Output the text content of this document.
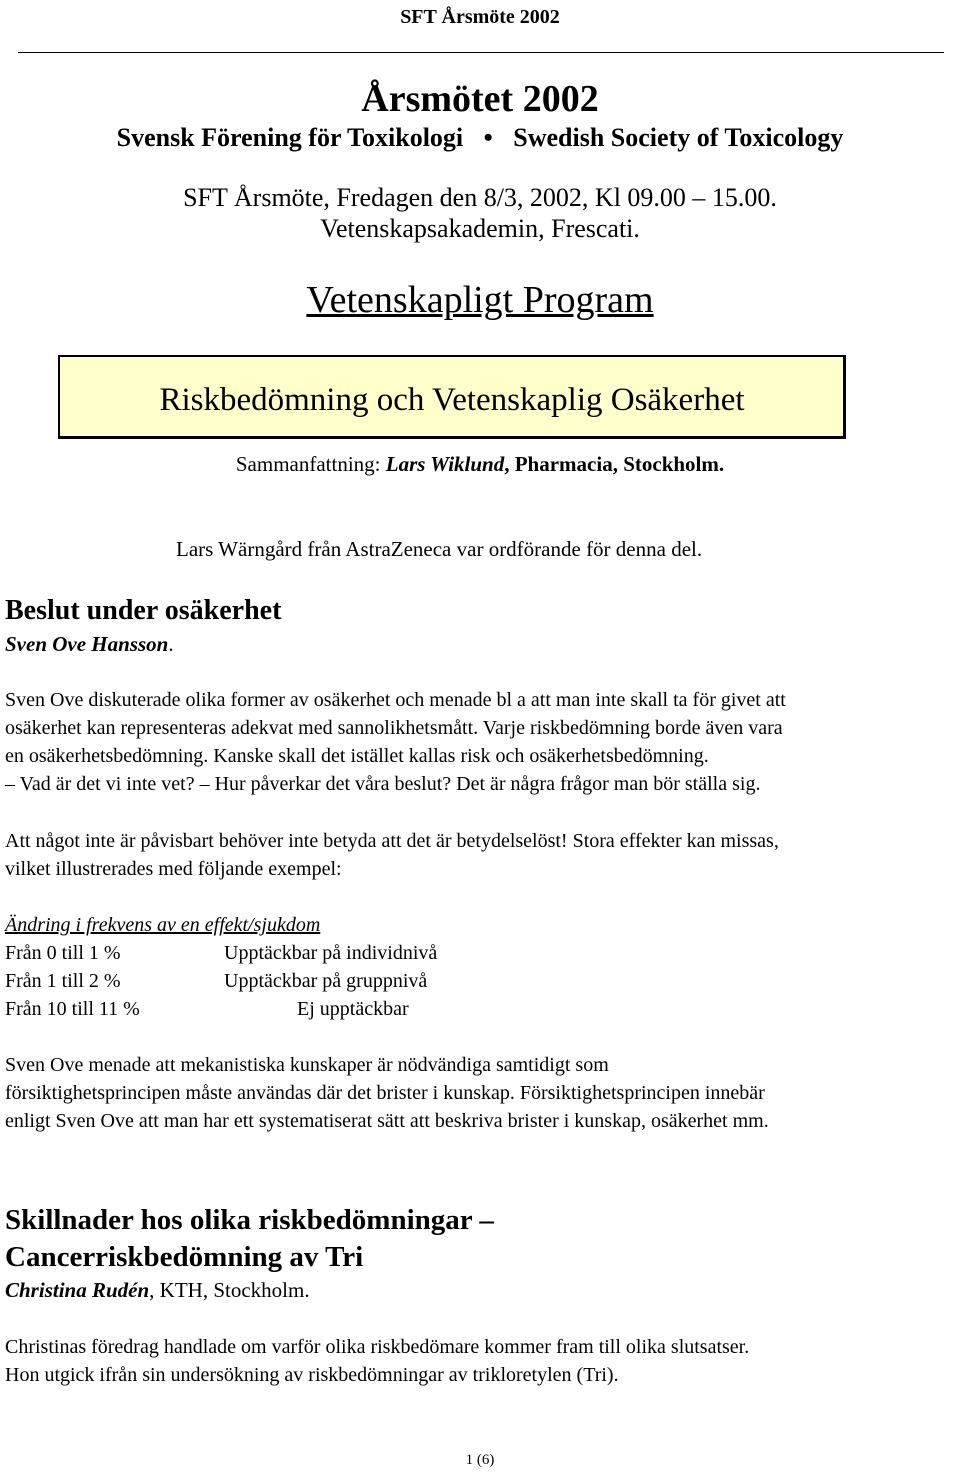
SFT Årsmöte 2002
Årsmötet 2002
Svensk Förening för Toxikologi • Swedish Society of Toxicology
SFT Årsmöte, Fredagen den 8/3, 2002, Kl 09.00 – 15.00.
Vetenskapsakademin, Frescati.
Vetenskapligt Program
Riskbedömning och Vetenskaplig Osäkerhet
Sammanfattning: Lars Wiklund, Pharmacia, Stockholm.
Lars Wärngård från AstraZeneca var ordförande för denna del.
Beslut under osäkerhet
Sven Ove Hansson.
Sven Ove diskuterade olika former av osäkerhet och menade bl a att man inte skall ta för givet att
osäkerhet kan representeras adekvat med sannolikhetsmått. Varje riskbedömning borde även vara
en osäkerhetsbedömning. Kanske skall det istället kallas risk och osäkerhetsbedömning.
– Vad är det vi inte vet? – Hur påverkar det våra beslut? Det är några frågor man bör ställa sig.
Att något inte är påvisbart behöver inte betyda att det är betydelselöst! Stora effekter kan missas,
vilket illustrerades med följande exempel:
Ändring i frekvens av en effekt/sjukdom
Från 0 till 1 %	Upptäckbar på individnivå
Från 1 till 2 %	Upptäckbar på gruppnivå
Från 10 till 11 %	Ej upptäckbar
Sven Ove menade att mekanistiska kunskaper är nödvändiga samtidigt som
försiktighetsprincipen måste användas där det brister i kunskap. Försiktighetsprincipen innebär
enligt Sven Ove att man har ett systematiserat sätt att beskriva brister i kunskap, osäkerhet mm.
Skillnader hos olika riskbedömningar –
Cancerriskbedömning av Tri
Christina Rudén, KTH, Stockholm.
Christinas föredrag handlade om varför olika riskbedömare kommer fram till olika slutsatser.
Hon utgick ifrån sin undersökning av riskbedömningar av trikloretylen (Tri).
1 (6)
